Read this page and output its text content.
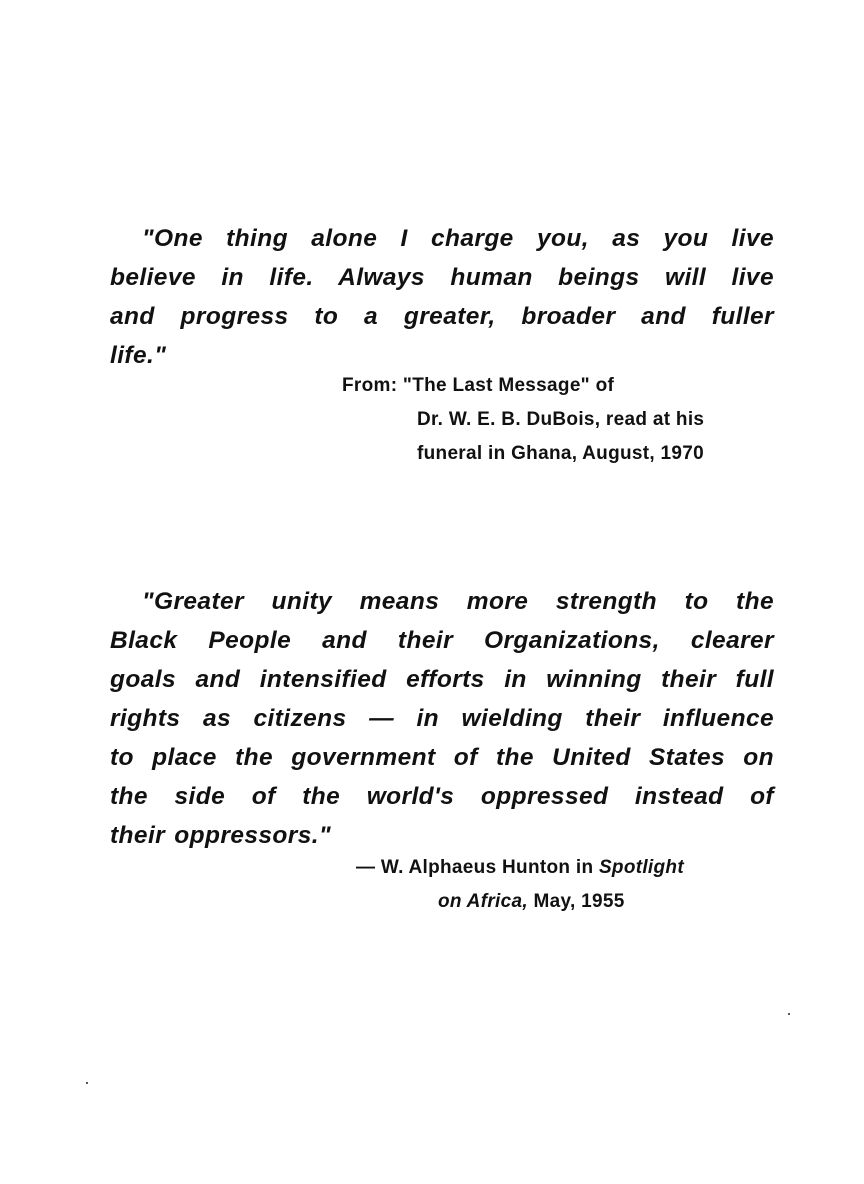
"One thing alone I charge you, as you live
believe in life. Always human beings will live
and progress to a greater, broader and fuller
life."
From: "The Last Message" of
Dr. W. E. B. DuBois, read at his
funeral in Ghana, August, 1970
"Greater unity means more strength to the
Black People and their Organizations, clearer
goals and intensified efforts in winning their full
rights as citizens — in wielding their influence
to place the government of the United States on
the side of the world's oppressed instead of
their oppressors."
— W. Alphaeus Hunton in Spotlight
on Africa, May, 1955
